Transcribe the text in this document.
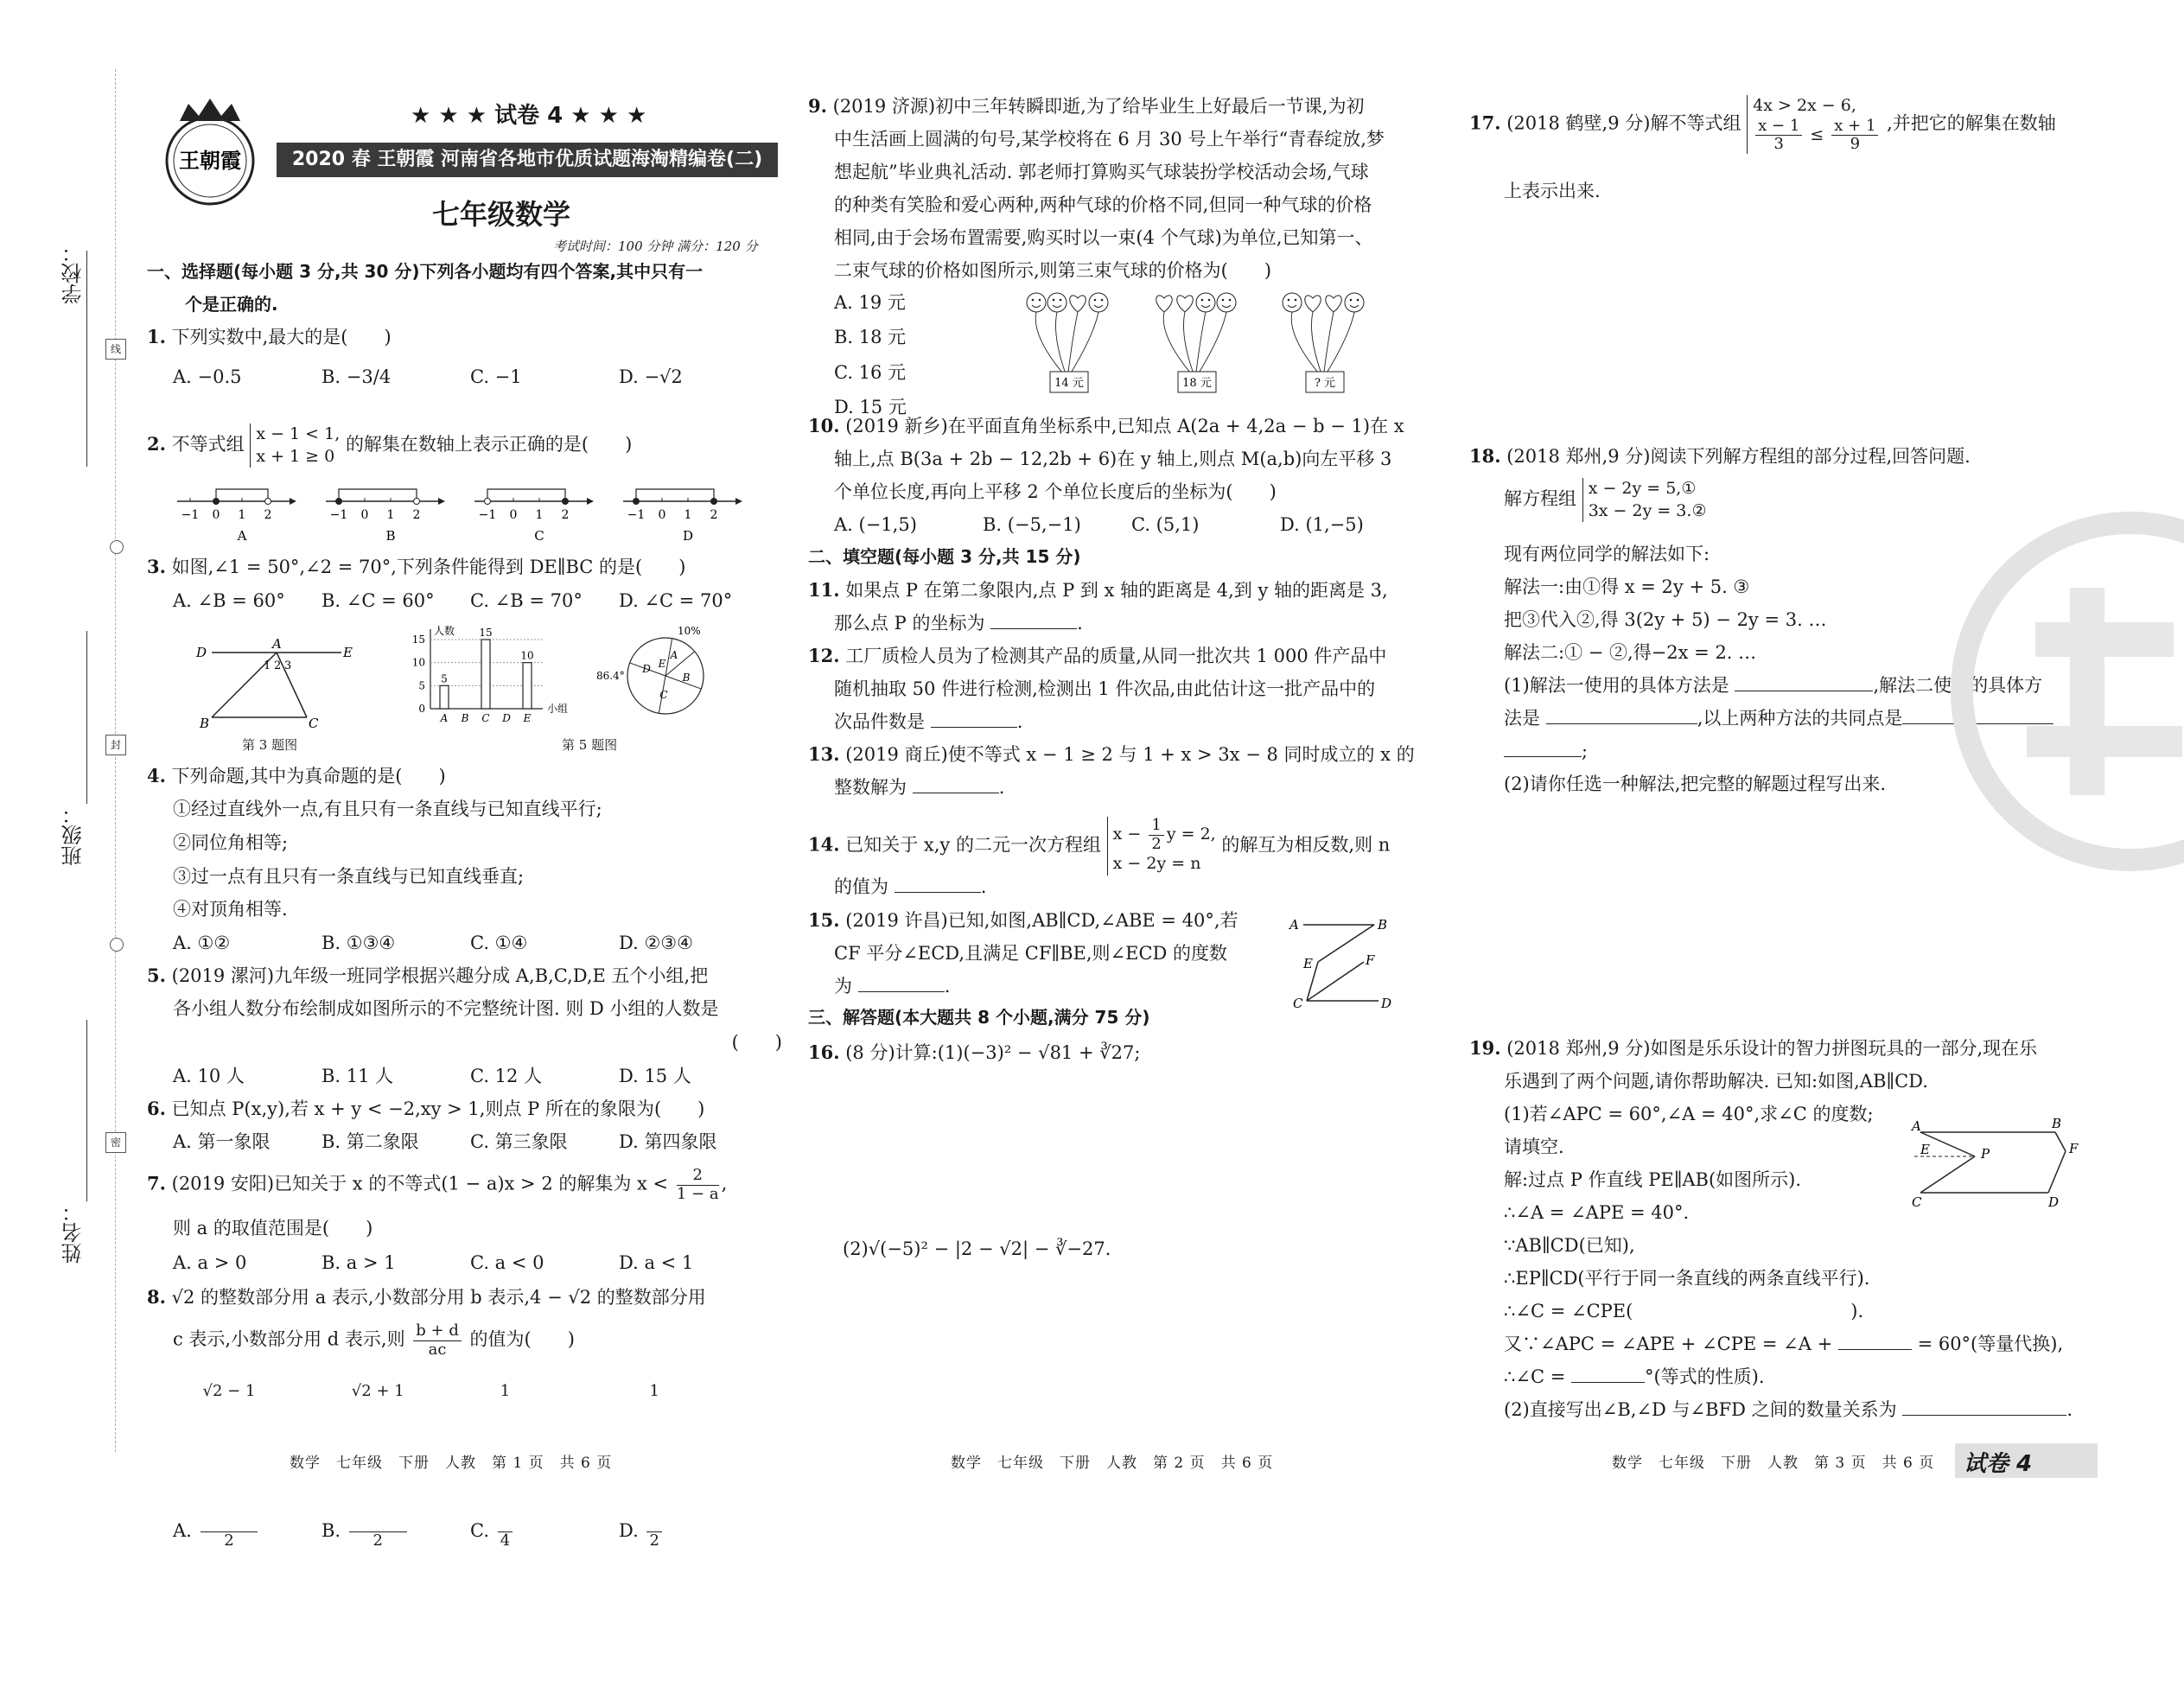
学校：
班级：
姓名：
线
封
密
王朝霞
★ ★ ★ 试卷 4 ★ ★ ★
2020 春 王朝霞 河南省各地市优质试题海淘精编卷(二)
七年级数学
考试时间：100 分钟 满分：120 分
一、选择题(每小题 3 分,共 30 分)下列各小题均有四个答案,其中只有一
个是正确的.
1. 下列实数中,最大的是(　　)
A. −0.5	B. −3/4	C. −1	D. −√2
2. 不等式组 x − 1 < 1,
x + 1 ≥ 0 的解集在数轴上表示正确的是(　　)
−1 0 1 2
A
−1 0 1 2
B
−1 0 1 2
C
−1 0 1 2
D
3. 如图,∠1 = 50°,∠2 = 70°,下列条件能得到 DE∥BC 的是(　　)
A. ∠B = 60°	B. ∠C = 60°	C. ∠B = 70°	D. ∠C = 70°
D	E
A
B	C
1 2 3
第 3 题图
人数
小组
0
5
10
15
A
5
B C
15
D E
10	A
B
C
D E
10%
86.4°
第 5 题图
4. 下列命题,其中为真命题的是(　　)
①经过直线外一点,有且只有一条直线与已知直线平行;
②同位角相等;
③过一点有且只有一条直线与已知直线垂直;
④对顶角相等.
A. ①②	B. ①③④	C. ①④	D. ②③④
5. (2019 漯河)九年级一班同学根据兴趣分成 A,B,C,D,E 五个小组,把
各小组人数分布绘制成如图所示的不完整统计图. 则 D 小组的人数是
(　　)
A. 10 人	B. 11 人	C. 12 人	D. 15 人
6. 已知点 P(x,y),若 x + y < −2,xy > 1,则点 P 所在的象限为(　　)
A. 第一象限	B. 第二象限	C. 第三象限	D. 第四象限
7. (2019 安阳)已知关于 x 的不等式(1 − a)x > 2 的解集为 $x < \frac{2}{1 - a}$ ,
则 a 的取值范围是(　　)
A. a > 0	B. a > 1	C. a < 0	D. a < 1
8. √2 的整数部分用 a 表示,小数部分用 b 表示,4 − √2 的整数部分用
c 表示,小数部分用 d 表示,则 $\frac{b + d}{ac}$ 的值为(　　)
A. $\frac{√2 - 1}{2}$	B. $\frac{√2 + 1}{2}$	C. $\frac{1}{4}$	D. $\frac{1}{2}$
数学　七年级　下册　人教　第 1 页　共 6 页
9. (2019 济源)初中三年转瞬即逝,为了给毕业生上好最后一节课,为初
中生活画上圆满的句号,某学校将在 6 月 30 号上午举行“青春绽放,梦
想起航”毕业典礼活动. 郭老师打算购买气球装扮学校活动会场,气球
的种类有笑脸和爱心两种,两种气球的价格不同,但同一种气球的价格
相同,由于会场布置需要,购买时以一束(4 个气球)为单位,已知第一、
二束气球的价格如图所示,则第三束气球的价格为(　　)
A. 19 元
B. 18 元
C. 16 元
D. 15 元
14 元	18 元	? 元
10. (2019 新乡)在平面直角坐标系中,已知点 A(2a + 4,2a − b − 1)在 x
轴上,点 B(3a + 2b − 12,2b + 6)在 y 轴上,则点 M(a,b)向左平移 3
个单位长度,再向上平移 2 个单位长度后的坐标为(　　)
A. (−1,5)	B. (−5,−1)	C. (5,1)	D. (1,−5)
二、填空题(每小题 3 分,共 15 分)
11. 如果点 P 在第二象限内,点 P 到 x 轴的距离是 4,到 y 轴的距离是 3,
那么点 P 的坐标为	.
12. 工厂质检人员为了检测其产品的质量,从同一批次共 1 000 件产品中
随机抽取 50 件进行检测,检测出 1 件次品,由此估计这一批产品中的
次品件数是	.
13. (2019 商丘)使不等式 x − 1 ≥ 2 与 1 + x > 3x − 8 同时成立的 x 的
整数解为	.
14. 已知关于 x,y 的二元一次方程组 $x - \frac{1}{2}$ y = 2,
x − 2y = n 的解互为相反数,则 n
的值为	.
15. (2019 许昌)已知,如图,AB∥CD,∠ABE = 40°,若
CF 平分∠ECD,且满足 CF∥BE,则∠ECD 的度数
为	.
A	B
E	F
C	D
三、解答题(本大题共 8 个小题,满分 75 分)
16. (8 分)计算:(1)(−3)² − √81 + ∛27;
(2)√(−5)² − |2 − √2| − ∛−27.
数学　七年级　下册　人教　第 2 页　共 6 页
17. (2018 鹤壁,9 分)解不等式组 4x > 2x − 6,

$\frac{x - 1}{3} \le \frac{x + 1}{9}$ ,并把它的解集在数轴
上表示出来.
18. (2018 郑州,9 分)阅读下列解方程组的部分过程,回答问题.
解方程组 x − 2y = 5,①
3x − 2y = 3.②
现有两位同学的解法如下:
解法一:由①得 x = 2y + 5. ③
把③代入②,得 3(2y + 5) − 2y = 3. …
解法二:① − ②,得−2x = 2. …
(1)解法一使用的具体方法是	,解法二使用的具体方
法是	,以上两种方法的共同点是
;
(2)请你任选一种解法,把完整的解题过程写出来.
19. (2018 郑州,9 分)如图是乐乐设计的智力拼图玩具的一部分,现在乐
乐遇到了两个问题,请你帮助解决. 已知:如图,AB∥CD.
(1)若∠APC = 60°,∠A = 40°,求∠C 的度数;
请填空.
解:过点 P 作直线 PE∥AB(如图所示).
∴∠A = ∠APE = 40°.
∵AB∥CD(已知),
∴EP∥CD(平行于同一条直线的两条直线平行).
∴∠C = ∠CPE(　　　　　　　　　　　　).
又∵∠APC = ∠APE + ∠CPE = ∠A +	= 60°(等量代换),
∴∠C =	°(等式的性质).
(2)直接写出∠B,∠D 与∠BFD 之间的数量关系为	.
A	B
P
E	F
C	D
数学　七年级　下册　人教　第 3 页　共 6 页 试卷 4
